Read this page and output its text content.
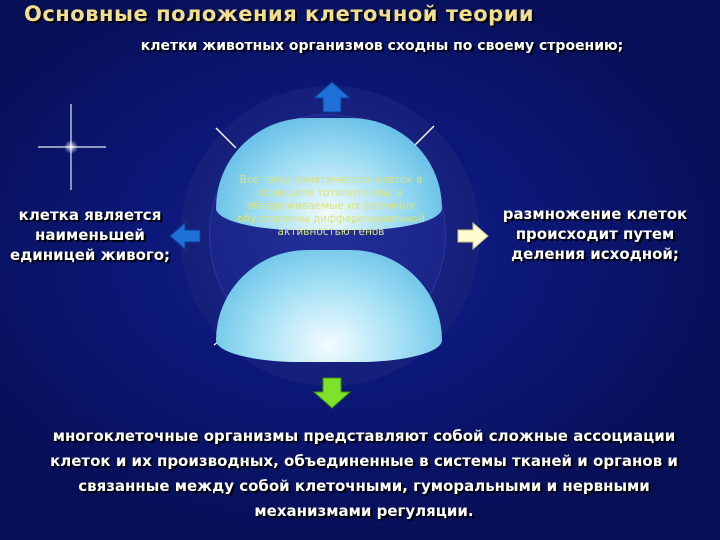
Основные положения клеточной теории
Все типы соматических клеток в принципе тотипотенты, а обнаруживаемые их различия обусловлены дифференциальной активностью генов

клетки животных организмов сходны по своему строению;

клетка является наименьшей единицей живого;

размножение клеток происходит путем деления исходной;

многоклеточные организмы представляют собой сложные ассоциации клеток и их производных, объединенные в системы тканей и органов и связанные между собой клеточными, гуморальными и нервными механизмами регуляции.
